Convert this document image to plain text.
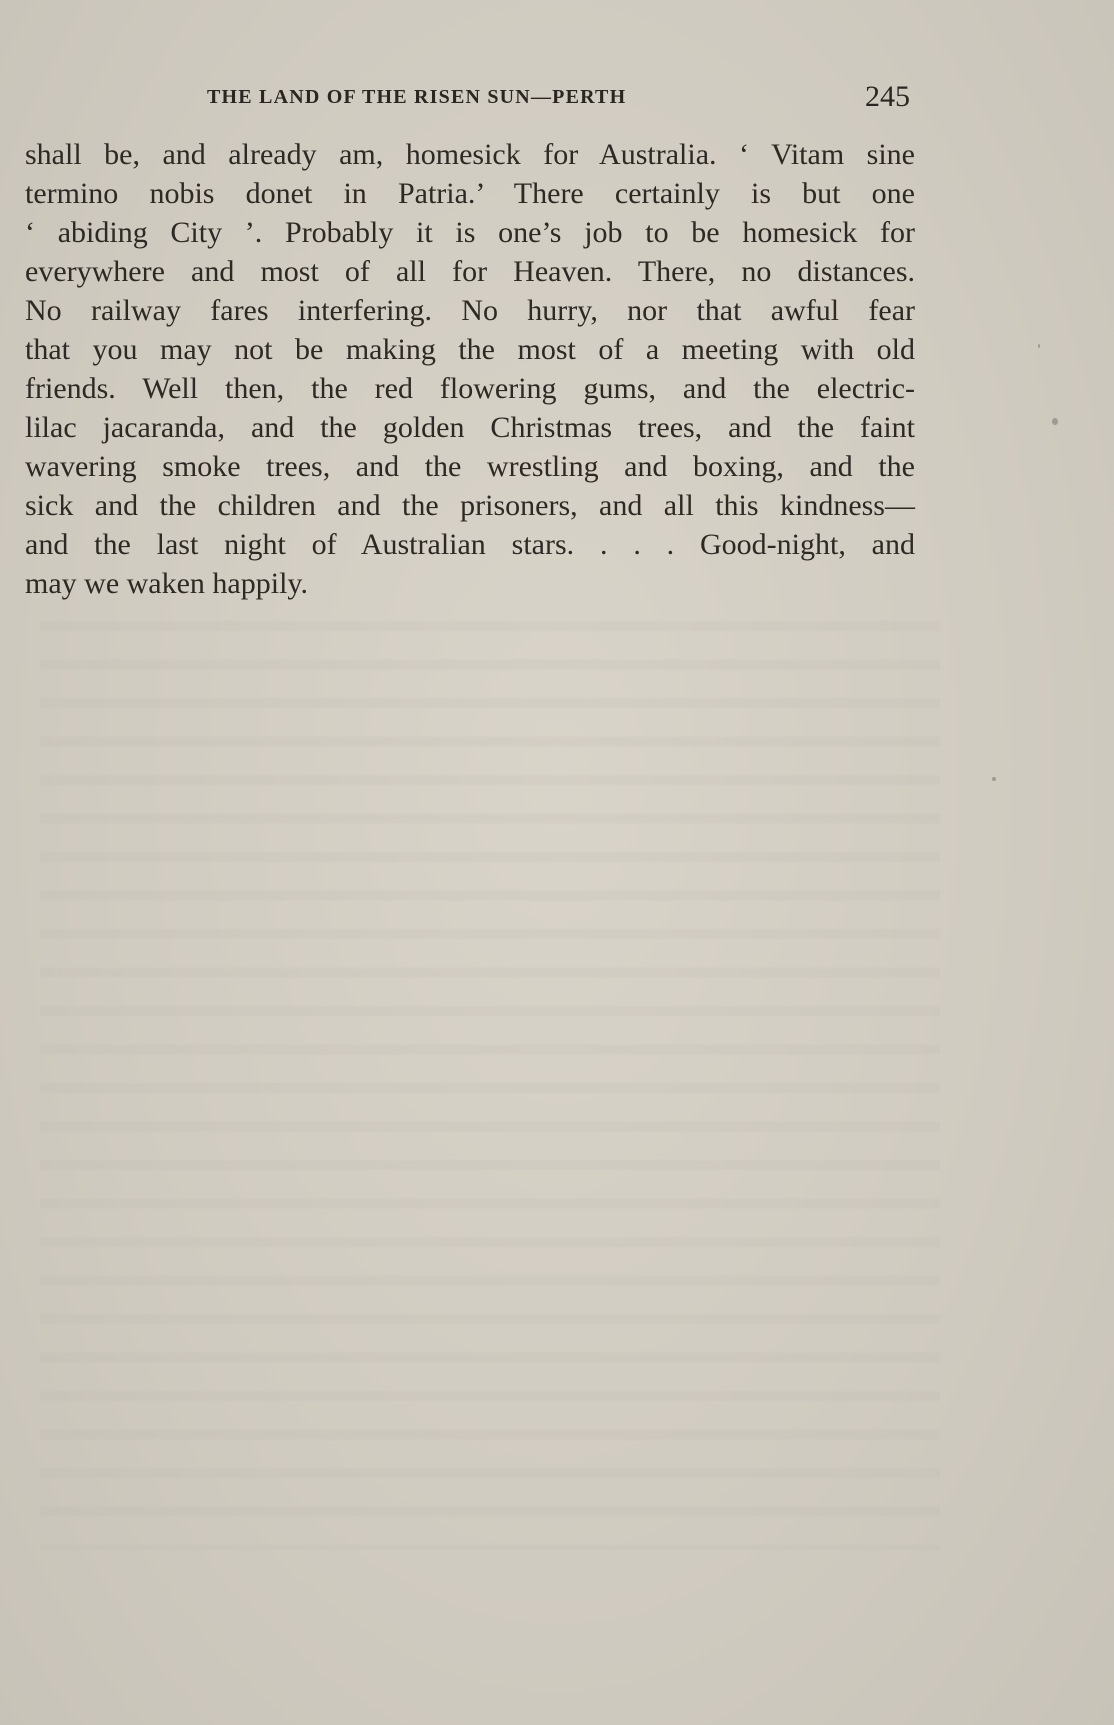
THE LAND OF THE RISEN SUN—PERTH	245
shall be, and already am, homesick for Australia. ‘ Vitam sine
termino nobis donet in Patria.’ There certainly is but one
‘ abiding City ’. Probably it is one’s job to be homesick for
everywhere and most of all for Heaven. There, no distances.
No railway fares interfering. No hurry, nor that awful fear
that you may not be making the most of a meeting with old
friends. Well then, the red flowering gums, and the electric-
lilac jacaranda, and the golden Christmas trees, and the faint
wavering smoke trees, and the wrestling and boxing, and the
sick and the children and the prisoners, and all this kindness—
and the last night of Australian stars. . . . Good-night, and
may we waken happily.
